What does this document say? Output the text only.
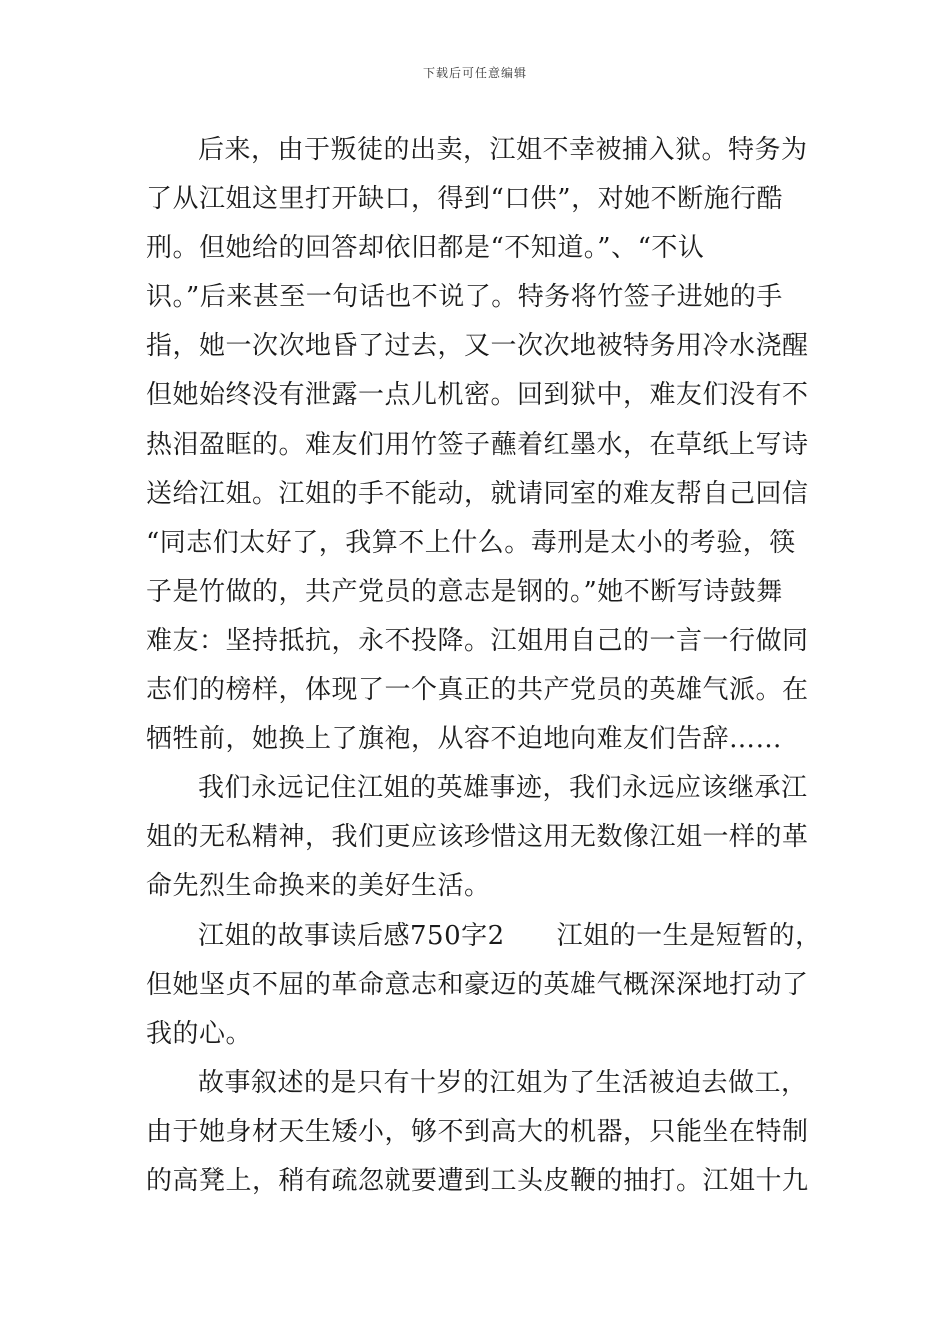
下载后可任意编辑
后来，由于叛徒的出卖，江姐不幸被捕入狱。特务为
了从江姐这里打开缺口，得到“口供”，对她不断施行酷
刑。但她给的回答却依旧都是“不知道。”、“不认
识。”后来甚至一句话也不说了。特务将竹签子进她的手
指，她一次次地昏了过去，又一次次地被特务用冷水浇醒
但她始终没有泄露一点儿机密。回到狱中，难友们没有不
热泪盈眶的。难友们用竹签子蘸着红墨水，在草纸上写诗
送给江姐。江姐的手不能动，就请同室的难友帮自己回信
“同志们太好了，我算不上什么。毒刑是太小的考验，筷
子是竹做的，共产党员的意志是钢的。”她不断写诗鼓舞
难友：坚持抵抗，永不投降。江姐用自己的一言一行做同
志们的榜样，体现了一个真正的共产党员的英雄气派。在
牺牲前，她换上了旗袍，从容不迫地向难友们告辞……
我们永远记住江姐的英雄事迹，我们永远应该继承江
姐的无私精神，我们更应该珍惜这用无数像江姐一样的革
命先烈生命换来的美好生活。
江姐的故事读后感750字2 江姐的一生是短暂的，
但她坚贞不屈的革命意志和豪迈的英雄气概深深地打动了
我的心。
故事叙述的是只有十岁的江姐为了生活被迫去做工，
由于她身材天生矮小，够不到高大的机器，只能坐在特制
的高凳上，稍有疏忽就要遭到工头皮鞭的抽打。江姐十九
